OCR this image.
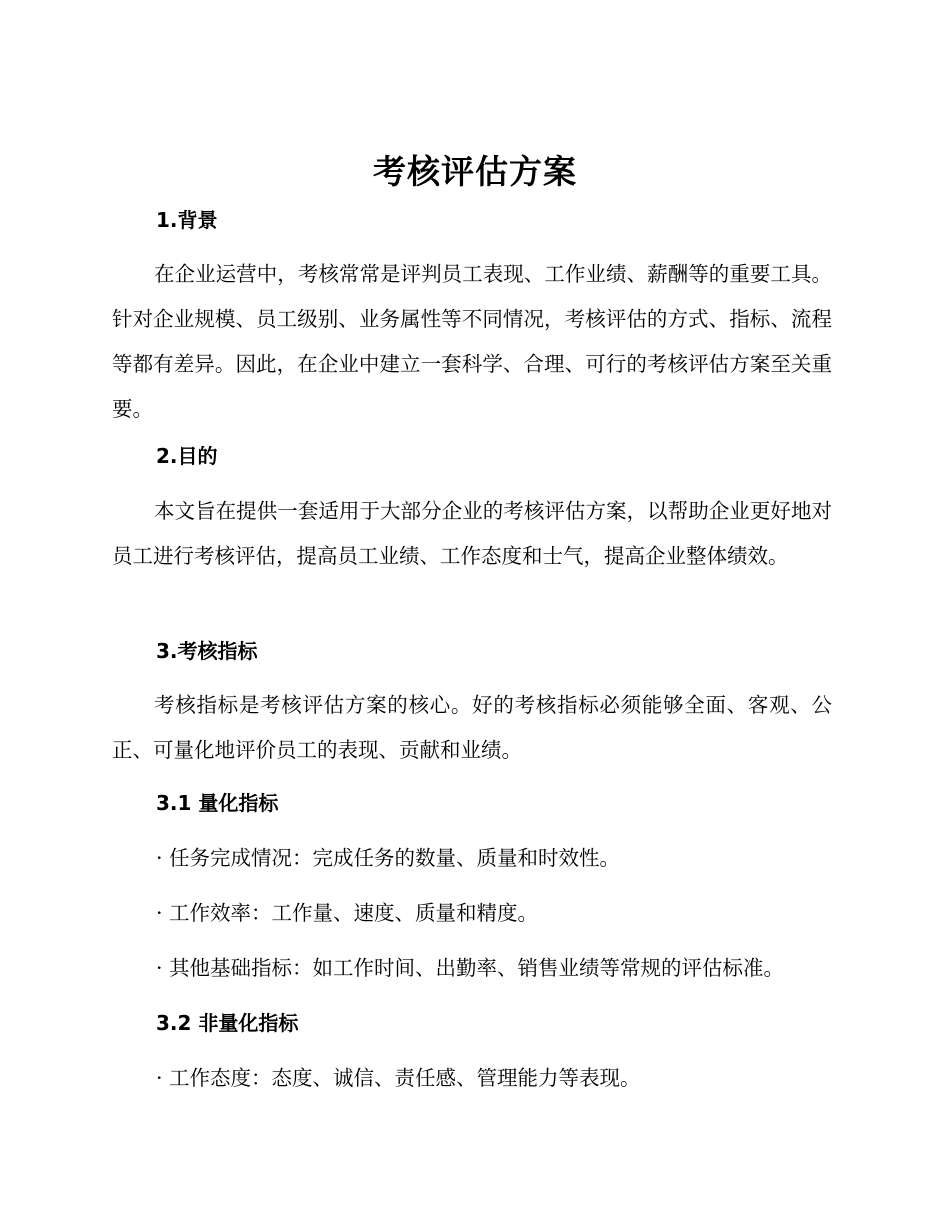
考核评估方案
1.背景
在企业运营中，考核常常是评判员工表现、工作业绩、薪酬等的重要工具。针对企业规模、员工级别、业务属性等不同情况，考核评估的方式、指标、流程等都有差异。因此，在企业中建立一套科学、合理、可行的考核评估方案至关重要。
2.目的
本文旨在提供一套适用于大部分企业的考核评估方案，以帮助企业更好地对员工进行考核评估，提高员工业绩、工作态度和士气，提高企业整体绩效。
3.考核指标
考核指标是考核评估方案的核心。好的考核指标必须能够全面、客观、公正、可量化地评价员工的表现、贡献和业绩。
3.1 量化指标
· 任务完成情况：完成任务的数量、质量和时效性。
· 工作效率：工作量、速度、质量和精度。
· 其他基础指标：如工作时间、出勤率、销售业绩等常规的评估标准。
3.2 非量化指标
· 工作态度：态度、诚信、责任感、管理能力等表现。
